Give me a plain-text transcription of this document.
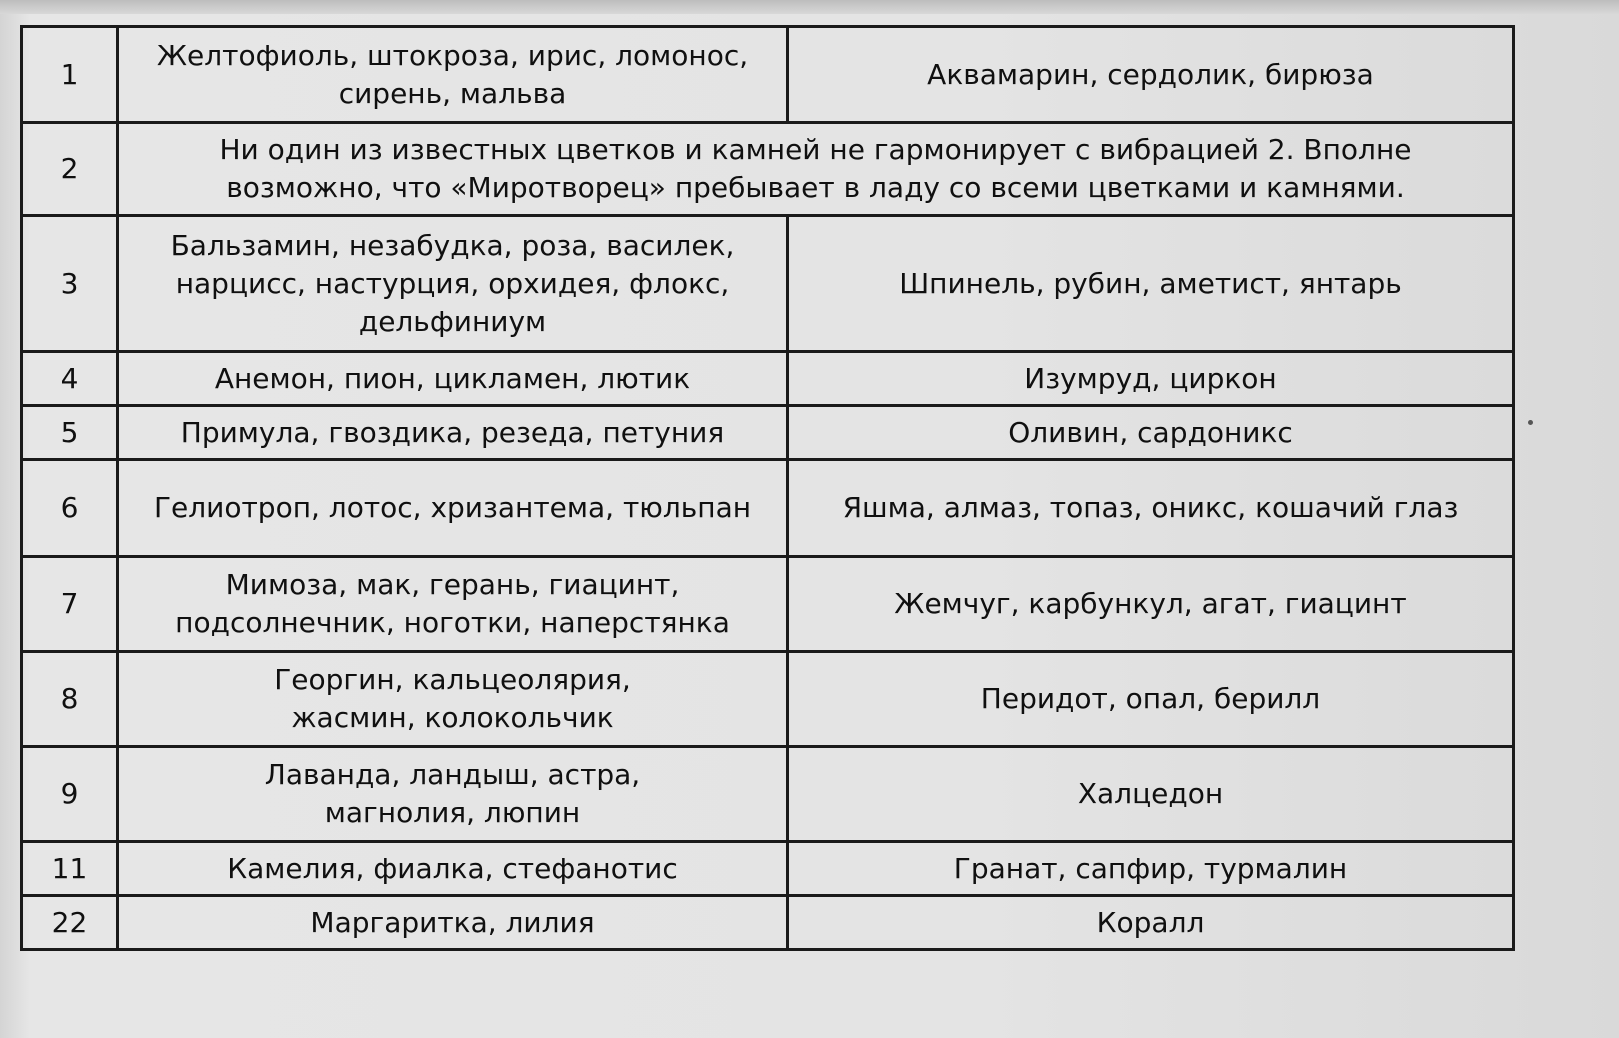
1	Желтофиоль, штокроза, ирис, ломонос, сирень, мальва	Аквамарин, сердолик, бирюза
2	Ни один из известных цветков и камней не гармонирует с вибрацией 2. Вполне возможно, что «Миротворец» пребывает в ладу со всеми цветками и камнями.	
3	Бальзамин, незабудка, роза, василек, нарцисс, настурция, орхидея, флокс, дельфиниум	Шпинель, рубин, аметист, янтарь
4	Анемон, пион, цикламен, лютик	Изумруд, циркон
5	Примула, гвоздика, резеда, петуния	Оливин, сардоникс
6	Гелиотроп, лотос, хризантема, тюльпан	Яшма, алмаз, топаз, оникс, кошачий глаз
7	Мимоза, мак, герань, гиацинт, подсолнечник, ноготки, наперстянка	Жемчуг, карбункул, агат, гиацинт
8	Георгин, кальцеолярия, жасмин, колокольчик	Перидот, опал, берилл
9	Лаванда, ландыш, астра, магнолия, люпин	Халцедон
11	Камелия, фиалка, стефанотис	Гранат, сапфир, турмалин
22	Маргаритка, лилия	Коралл
